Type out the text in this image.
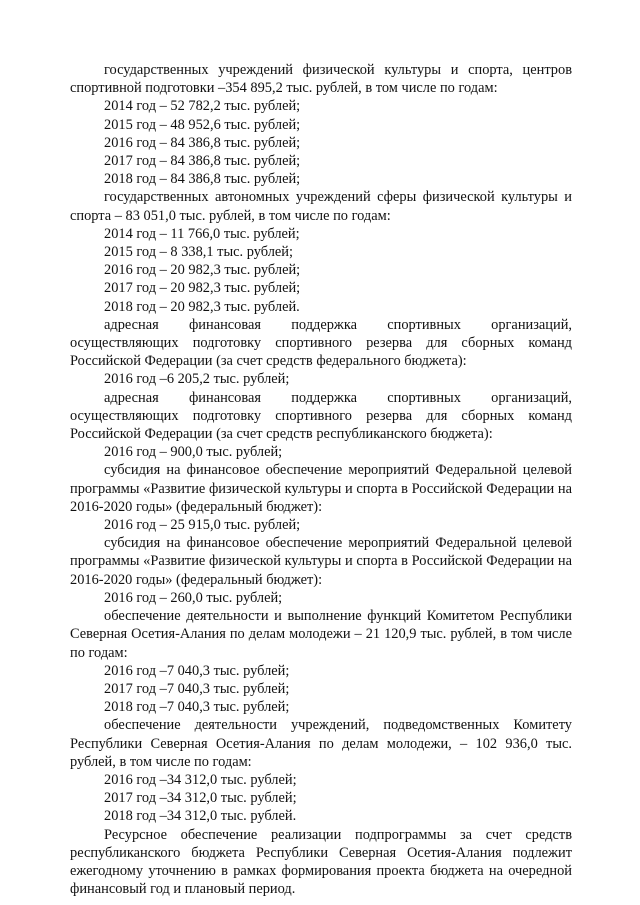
государственных учреждений физической культуры и спорта, центров спортивной подготовки –354 895,2 тыс. рублей, в том числе по годам:

2014 год – 52 782,2 тыс. рублей;

2015 год – 48 952,6 тыс. рублей;

2016 год – 84 386,8 тыс. рублей;

2017 год – 84 386,8 тыс. рублей;

2018 год – 84 386,8 тыс. рублей;

государственных автономных учреждений сферы физической культуры и спорта – 83 051,0 тыс. рублей, в том числе по годам:

2014 год – 11 766,0 тыс. рублей;

2015 год – 8 338,1 тыс. рублей;

2016 год – 20 982,3 тыс. рублей;

2017 год – 20 982,3 тыс. рублей;

2018 год – 20 982,3 тыс. рублей.

адресная финансовая поддержка спортивных организаций, осуществляющих подготовку спортивного резерва для сборных команд Российской Федерации (за счет средств федерального бюджета):

2016 год –6 205,2 тыс. рублей;

адресная финансовая поддержка спортивных организаций, осуществляющих подготовку спортивного резерва для сборных команд Российской Федерации (за счет средств республиканского бюджета):

2016 год – 900,0 тыс. рублей;

субсидия на финансовое обеспечение мероприятий Федеральной целевой программы «Развитие физической культуры и спорта в Российской Федерации на 2016-2020 годы» (федеральный бюджет):

2016 год – 25 915,0 тыс. рублей;

субсидия на финансовое обеспечение мероприятий Федеральной целевой программы «Развитие физической культуры и спорта в Российской Федерации на 2016-2020 годы» (федеральный бюджет):

2016 год – 260,0 тыс. рублей;

обеспечение деятельности и выполнение функций Комитетом Республики Северная Осетия-Алания по делам молодежи – 21 120,9 тыс. рублей, в том числе по годам:

2016 год –7 040,3 тыс. рублей;

2017 год –7 040,3 тыс. рублей;

2018 год –7 040,3 тыс. рублей;

обеспечение деятельности учреждений, подведомственных Комитету Республики Северная Осетия-Алания по делам молодежи, – 102 936,0 тыс. рублей, в том числе по годам:

2016 год –34 312,0 тыс. рублей;

2017 год –34 312,0 тыс. рублей;

2018 год –34 312,0 тыс. рублей.

Ресурсное обеспечение реализации подпрограммы за счет средств республиканского бюджета Республики Северная Осетия-Алания подлежит ежегодному уточнению в рамках формирования проекта бюджета на очередной финансовый год и плановый период.
